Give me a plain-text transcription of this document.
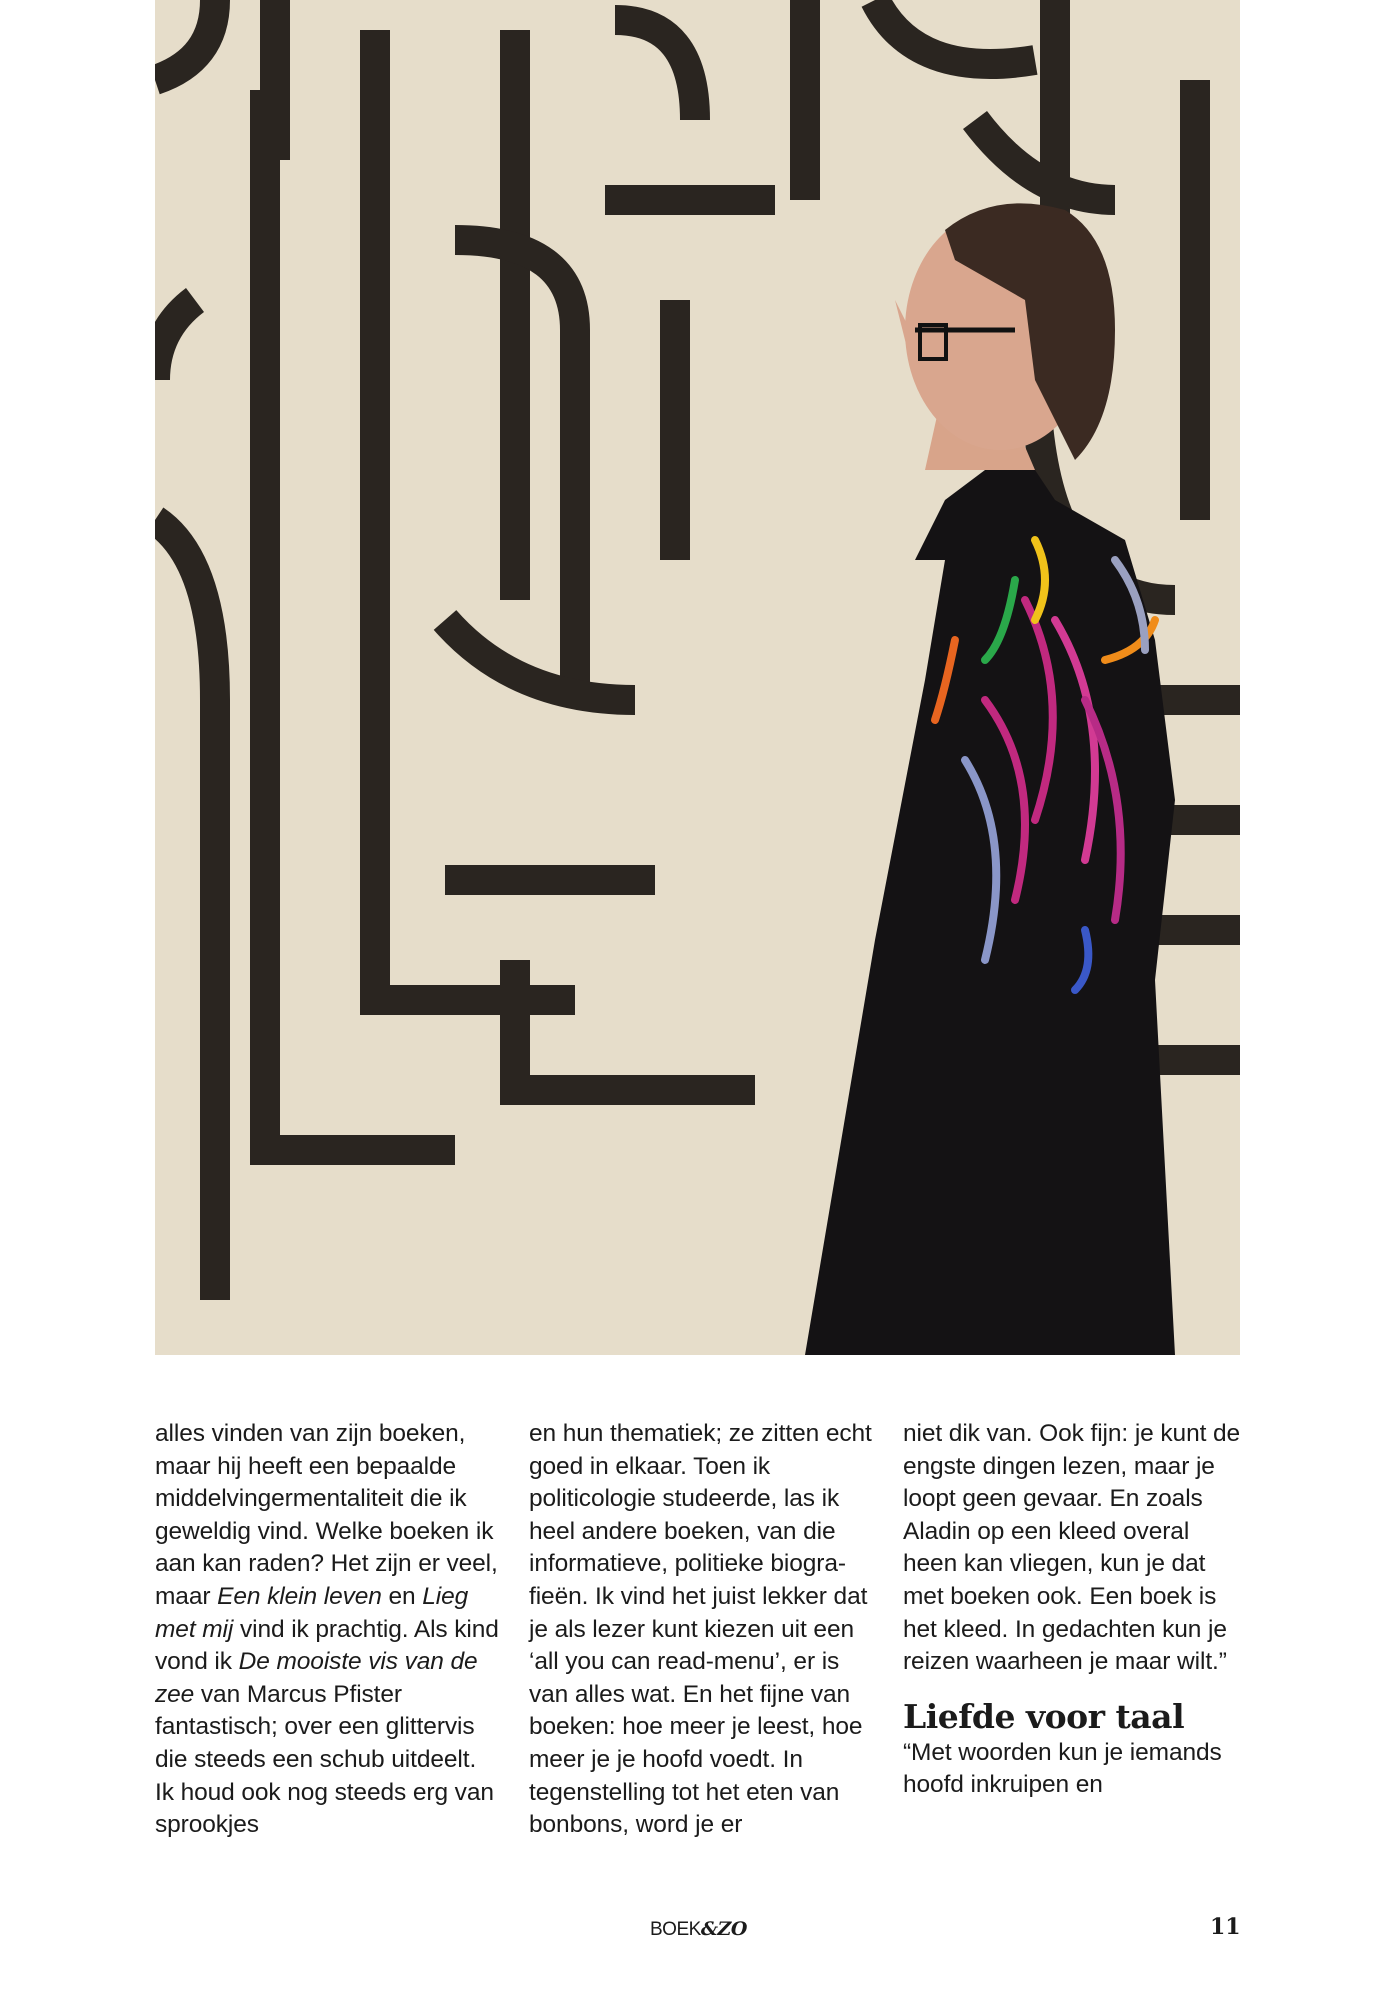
alles vinden van zijn boeken, maar hij heeft een bepaalde middelvingermentaliteit die ik geweldig vind. Welke boeken ik aan kan raden? Het zijn er veel, maar Een klein leven en Lieg met mij vind ik prachtig. Als kind vond ik De mooiste vis van de zee van Marcus Pfister fantastisch; over een glittervis die steeds een schub uitdeelt. Ik houd ook nog steeds erg van sprookjes

en hun thematiek; ze zitten echt goed in elkaar. Toen ik politicologie studeerde, las ik heel andere boeken, van die informatieve, politieke biografieën. Ik vind het juist lekker dat je als lezer kunt kiezen uit een ‘all you can read-menu’, er is van alles wat. En het fijne van boeken: hoe meer je leest, hoe meer je je hoofd voedt. In tegenstelling tot het eten van bonbons, word je er

niet dik van. Ook fijn: je kunt de engste dingen lezen, maar je loopt geen gevaar. En zoals Aladin op een kleed overal heen kan vliegen, kun je dat met boeken ook. Een boek is het kleed. In gedachten kun je reizen waarheen je maar wilt.”

Liefde voor taal

“Met woorden kun je iemands hoofd inkruipen en

BOEK&ZO	11
